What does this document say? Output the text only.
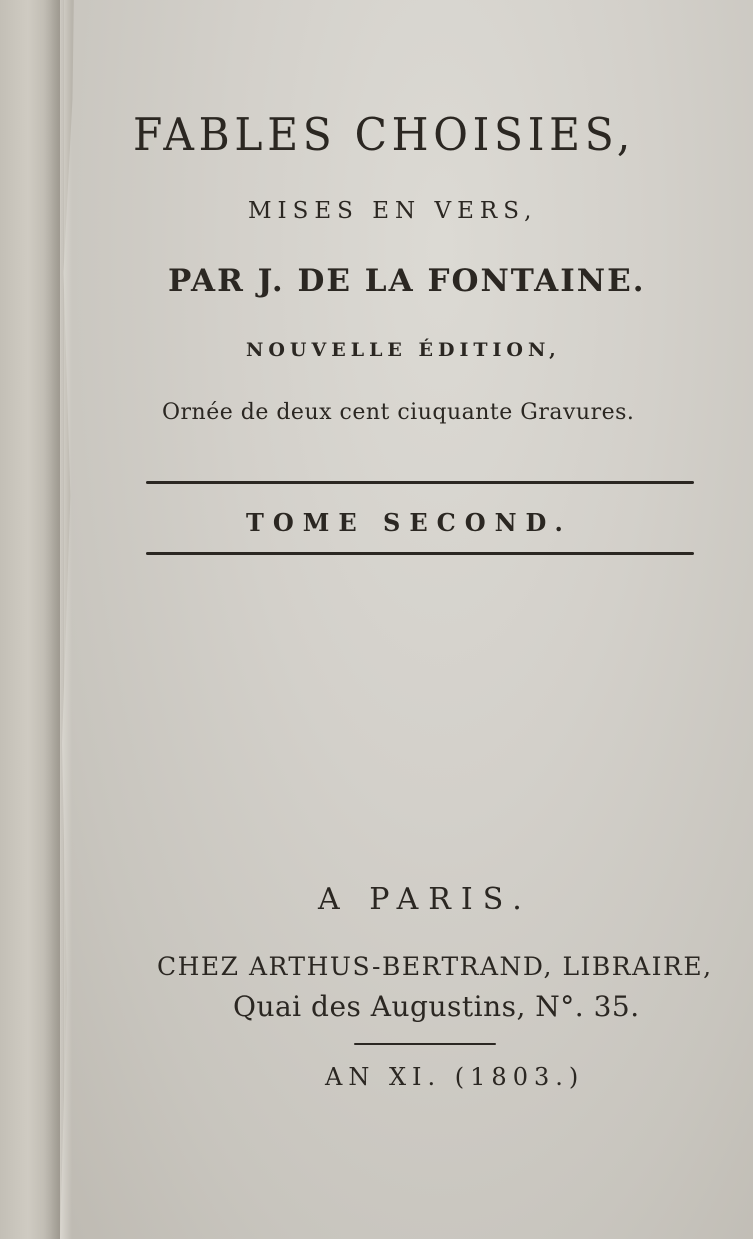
FABLES CHOISIES,
MISES EN VERS,
PAR J. DE LA FONTAINE.
NOUVELLE ÉDITION,
Ornée de deux cent ciuquante Gravures.
TOME SECOND.
A PARIS.
CHEZ ARTHUS-BERTRAND, LIBRAIRE,
Quai des Augustins, N°. 35.
AN XI. (1803.)
